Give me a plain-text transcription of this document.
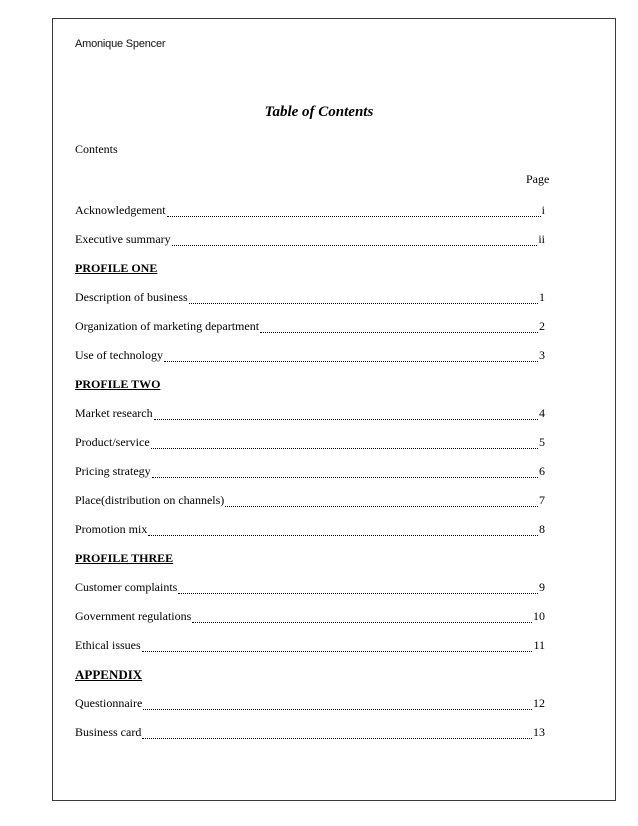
Amonique Spencer
Table of Contents
Contents
Page
Acknowledgement	i
Executive summary	ii
PROFILE ONE
Description of business	1
Organization of marketing department	2
Use of technology	3
PROFILE TWO
Market research	4
Product/service	5
Pricing strategy	6
Place(distribution on channels)	7
Promotion mix	8
PROFILE THREE
Customer complaints	9
Government regulations	10
Ethical issues	11
APPENDIX
Questionnaire	12
Business card	13
